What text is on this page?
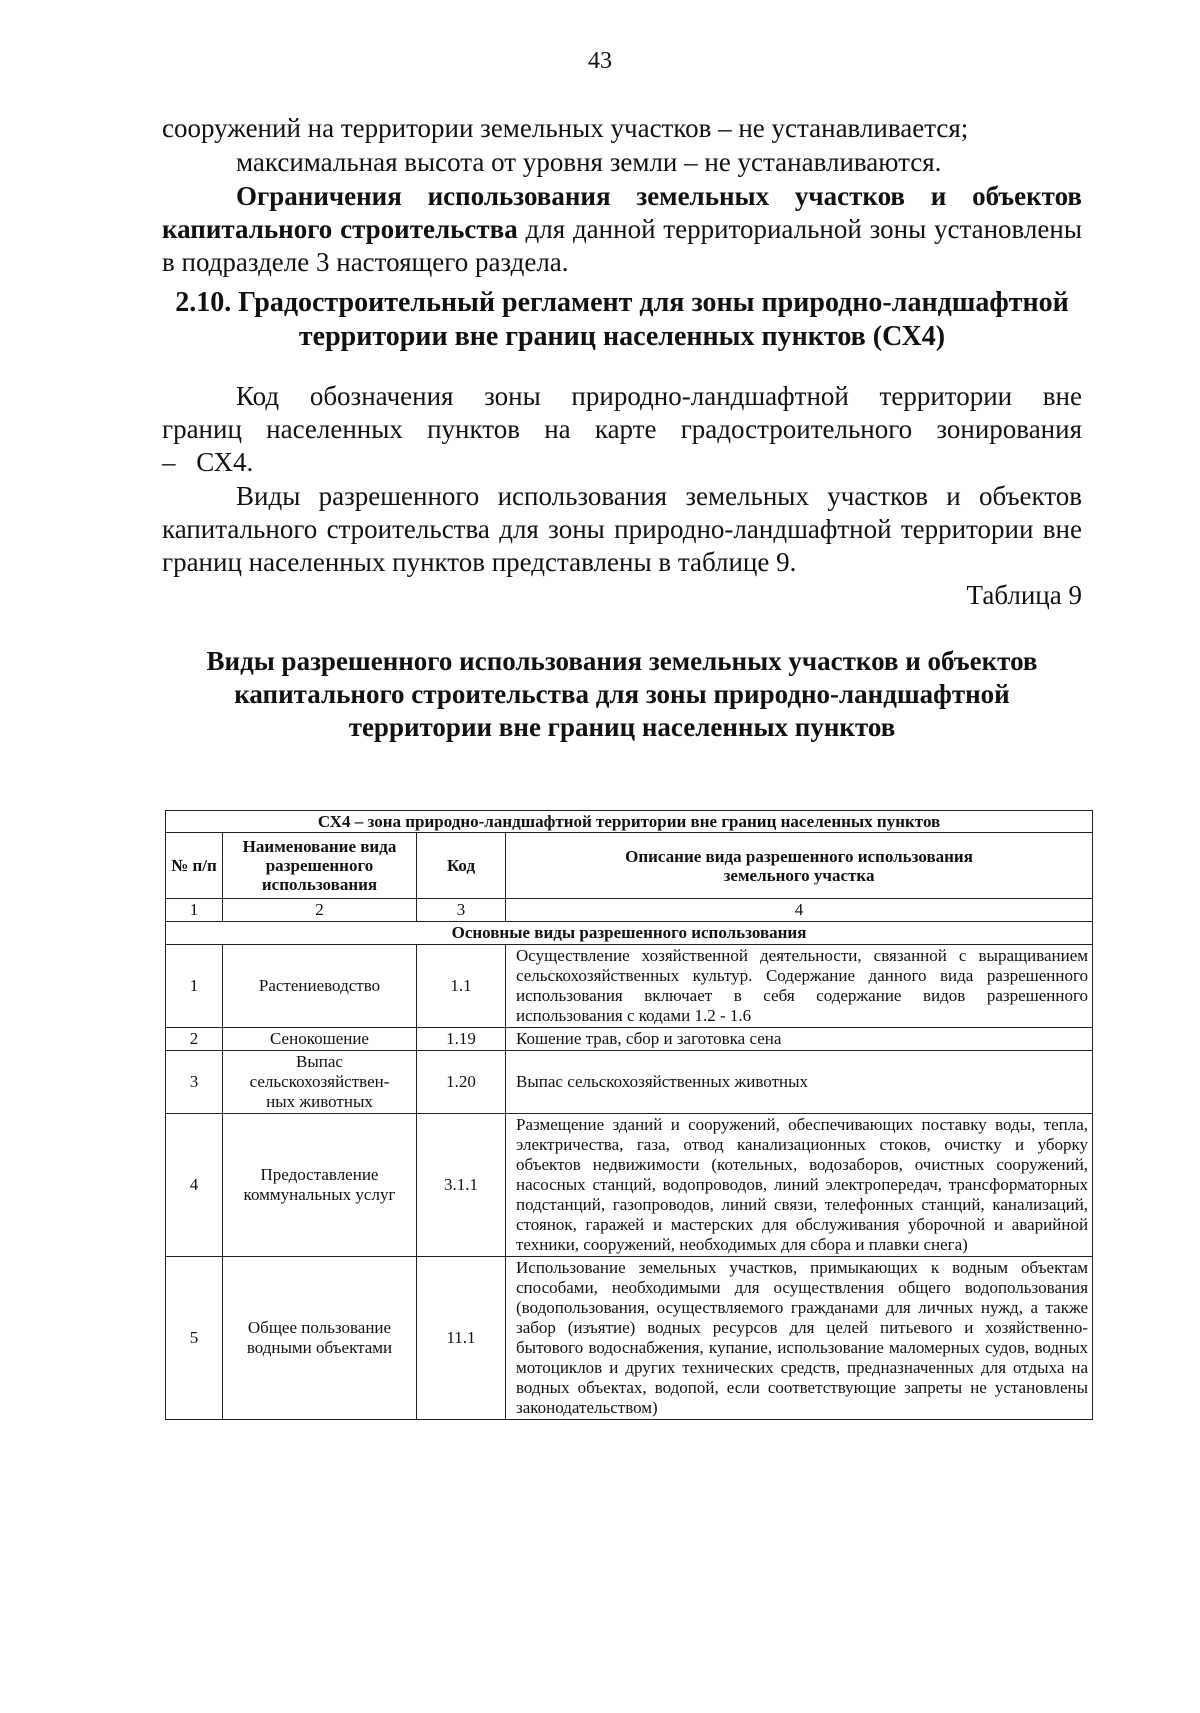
43

сооружений на территории земельных участков – не устанавливается;

максимальная высота от уровня земли – не устанавливаются.

Ограничения использования земельных участков и объектов капитального строительства для данной территориальной зоны установлены в подразделе 3 настоящего раздела.

2.10. Градостроительный регламент для зоны природно-ландшафтной
территории вне границ населенных пунктов (СХ4)

Код обозначения зоны природно-ландшафтной территории вне границ населенных пунктов на карте градостроительного зонирования – СХ4.

Виды разрешенного использования земельных участков и объектов капитального строительства для зоны природно-ландшафтной территории вне границ населенных пунктов представлены в таблице 9.

Таблица 9

Виды разрешенного использования земельных участков и объектов капитального строительства для зоны природно-ландшафтной территории вне границ населенных пунктов

СХ4 – зона природно-ландшафтной территории вне границ населенных пунктов			
№ п/п	Наименование вида разрешенного использования	Код	Описание вида разрешенного использования земельного участка
1	2	3	4
Основные виды разрешенного использования			
1	Растениеводство	1.1	Осуществление хозяйственной деятельности, связанной с выращиванием сельскохозяйственных культур. Содержание данного вида разрешенного использования включает в себя содержание видов разрешенного использования с кодами 1.2 - 1.6
2	Сенокошение	1.19	Кошение трав, сбор и заготовка сена
3	Выпас сельскохозяйствен-ных животных	1.20	Выпас сельскохозяйственных животных
4	Предоставление коммунальных услуг	3.1.1	Размещение зданий и сооружений, обеспечивающих поставку воды, тепла, электричества, газа, отвод канализационных стоков, очистку и уборку объектов недвижимости (котельных, водозаборов, очистных сооружений, насосных станций, водопроводов, линий электропередач, трансформаторных подстанций, газопроводов, линий связи, телефонных станций, канализаций, стоянок, гаражей и мастерских для обслуживания уборочной и аварийной техники, сооружений, необходимых для сбора и плавки снега)
5	Общее пользование водными объектами	11.1	Использование земельных участков, примыкающих к водным объектам способами, необходимыми для осуществления общего водопользования (водопользования, осуществляемого гражданами для личных нужд, а также забор (изъятие) водных ресурсов для целей питьевого и хозяйственно-бытового водоснабжения, купание, использование маломерных судов, водных мотоциклов и других технических средств, предназначенных для отдыха на водных объектах, водопой, если соответствующие запреты не установлены законодательством)
